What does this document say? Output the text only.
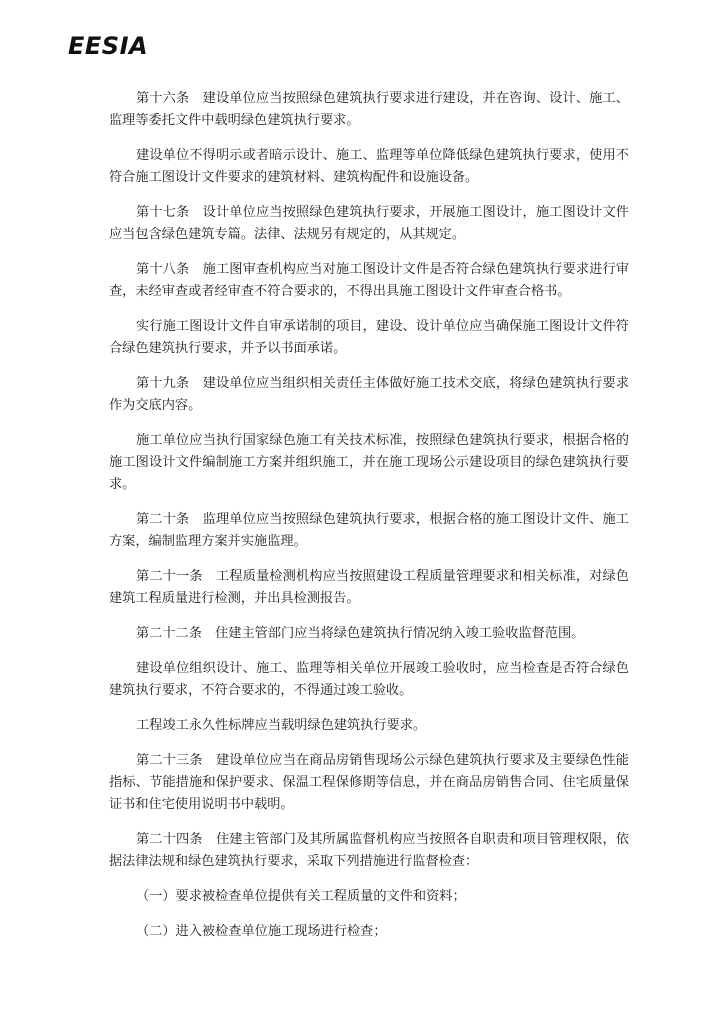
EESIA

第十六条　建设单位应当按照绿色建筑执行要求进行建设，并在咨询、设计、施工、监理等委托文件中载明绿色建筑执行要求。

建设单位不得明示或者暗示设计、施工、监理等单位降低绿色建筑执行要求，使用不符合施工图设计文件要求的建筑材料、建筑构配件和设施设备。

第十七条　设计单位应当按照绿色建筑执行要求，开展施工图设计，施工图设计文件应当包含绿色建筑专篇。法律、法规另有规定的，从其规定。

第十八条　施工图审查机构应当对施工图设计文件是否符合绿色建筑执行要求进行审查，未经审查或者经审查不符合要求的，不得出具施工图设计文件审查合格书。

实行施工图设计文件自审承诺制的项目，建设、设计单位应当确保施工图设计文件符合绿色建筑执行要求，并予以书面承诺。

第十九条　建设单位应当组织相关责任主体做好施工技术交底，将绿色建筑执行要求作为交底内容。

施工单位应当执行国家绿色施工有关技术标准，按照绿色建筑执行要求，根据合格的施工图设计文件编制施工方案并组织施工，并在施工现场公示建设项目的绿色建筑执行要求。

第二十条　监理单位应当按照绿色建筑执行要求，根据合格的施工图设计文件、施工方案，编制监理方案并实施监理。

第二十一条　工程质量检测机构应当按照建设工程质量管理要求和相关标准，对绿色建筑工程质量进行检测，并出具检测报告。

第二十二条　住建主管部门应当将绿色建筑执行情况纳入竣工验收监督范围。

建设单位组织设计、施工、监理等相关单位开展竣工验收时，应当检查是否符合绿色建筑执行要求，不符合要求的，不得通过竣工验收。

工程竣工永久性标牌应当载明绿色建筑执行要求。

第二十三条　建设单位应当在商品房销售现场公示绿色建筑执行要求及主要绿色性能指标、节能措施和保护要求、保温工程保修期等信息，并在商品房销售合同、住宅质量保证书和住宅使用说明书中载明。

第二十四条　住建主管部门及其所属监督机构应当按照各自职责和项目管理权限，依据法律法规和绿色建筑执行要求，采取下列措施进行监督检查：

（一）要求被检查单位提供有关工程质量的文件和资料；

（二）进入被检查单位施工现场进行检查；
